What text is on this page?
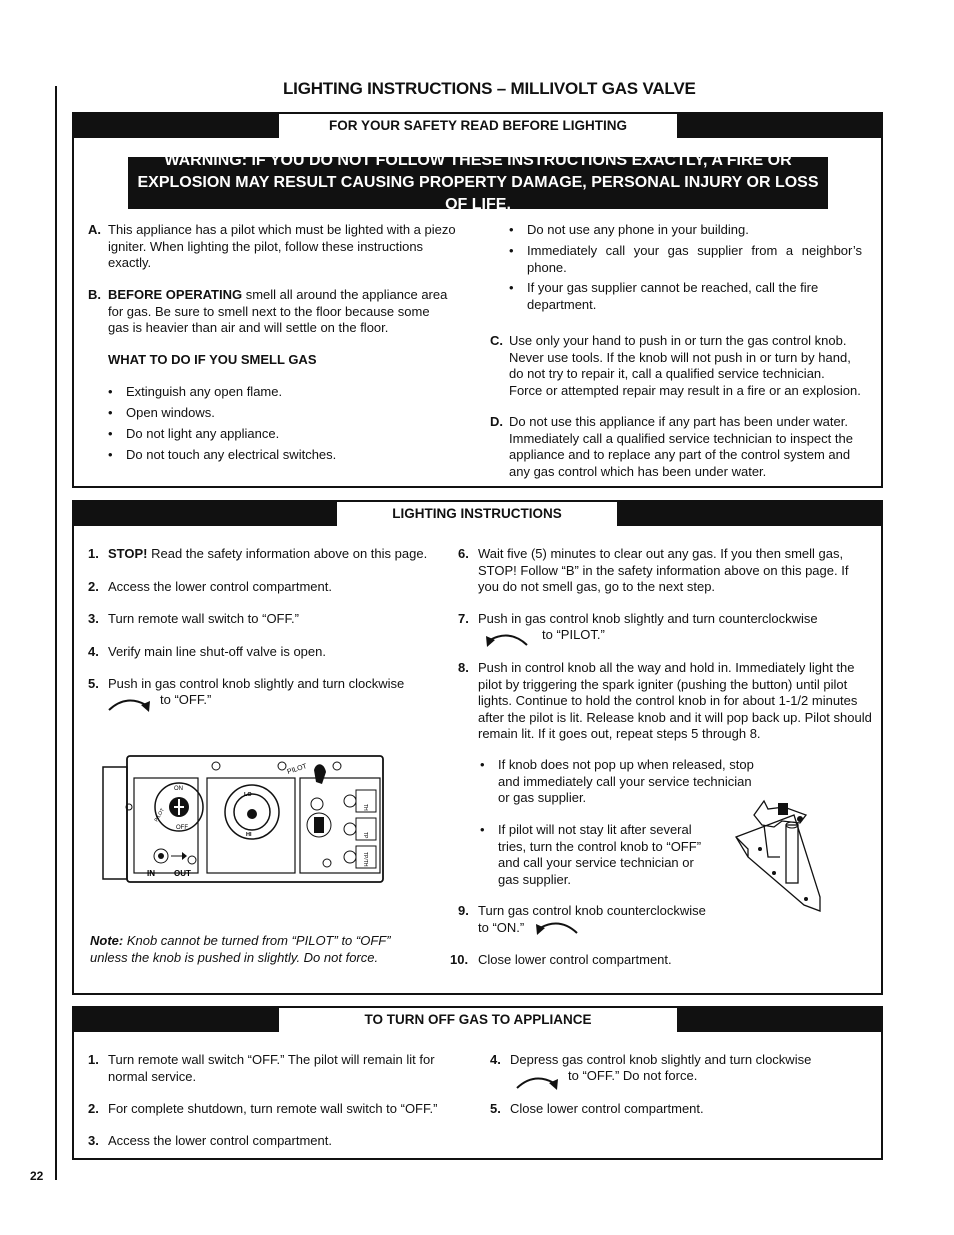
22
LIGHTING INSTRUCTIONS – MILLIVOLT GAS VALVE
FOR YOUR SAFETY READ BEFORE LIGHTING
WARNING: IF YOU DO NOT FOLLOW THESE INSTRUCTIONS EXACTLY, A FIRE OR EXPLOSION MAY RESULT CAUSING PROPERTY DAMAGE, PERSONAL INJURY OR LOSS OF LIFE.
A. This appliance has a pilot which must be lighted with a piezo igniter. When lighting the pilot, follow these instructions exactly.

B. BEFORE OPERATING smell all around the appliance area for gas. Be sure to smell next to the floor because some gas is heavier than air and will settle on the floor.

WHAT TO DO IF YOU SMELL GAS

• Extinguish any open flame.
• Open windows.
• Do not light any appliance.
• Do not touch any electrical switches.
• Do not use any phone in your building.
• Immediately call your gas supplier from a neighbor’s phone.
• If your gas supplier cannot be reached, call the fire department.
C. Use only your hand to push in or turn the gas control knob. Never use tools. If the knob will not push in or turn by hand, do not try to repair it, call a qualified service technician. Force or attempted repair may result in a fire or an explosion.

D. Do not use this appliance if any part has been under water. Immediately call a qualified service technician to inspect the appliance and to replace any part of the control system and any gas control which has been under water.

LIGHTING INSTRUCTIONS
1. STOP! Read the safety information above on this page.

2. Access the lower control compartment.

3. Turn remote wall switch to “OFF.”

4. Verify main line shut-off valve is open.

5. Push in gas control knob slightly and turn clockwise

to “OFF.”

IN OUT
PILOT
ON
OFF
PILOT
LO
HI
TH
TP
TP/TH

Note: Knob cannot be turned from “PILOT” to “OFF” unless the knob is pushed in slightly. Do not force.

6. Wait five (5) minutes to clear out any gas. If you then smell gas, STOP! Follow “B” in the safety information above on this page. If you do not smell gas, go to the next step.

7. Push in gas control knob slightly and turn counterclockwise

to “PILOT.”

8. Push in control knob all the way and hold in. Immediately light the pilot by triggering the spark igniter (pushing the button) until pilot lights. Continue to hold the control knob in for about 1-1/2 minutes after the pilot is lit. Release knob and it will pop back up. Pilot should remain lit. If it goes out, repeat steps 5 through 8.

• If knob does not pop up when released, stop and immediately call your service technician or gas supplier.
• If pilot will not stay lit after several tries, turn the control knob to “OFF” and call your service technician or gas supplier.
9. Turn gas control knob counterclockwise to “ON.”

10. Close lower control compartment.

TO TURN OFF GAS TO APPLIANCE
1. Turn remote wall switch “OFF.” The pilot will remain lit for normal service.

2. For complete shutdown, turn remote wall switch to “OFF.”

3. Access the lower control compartment.

4. Depress gas control knob slightly and turn clockwise

to “OFF.” Do not force.

5. Close lower control compartment.
